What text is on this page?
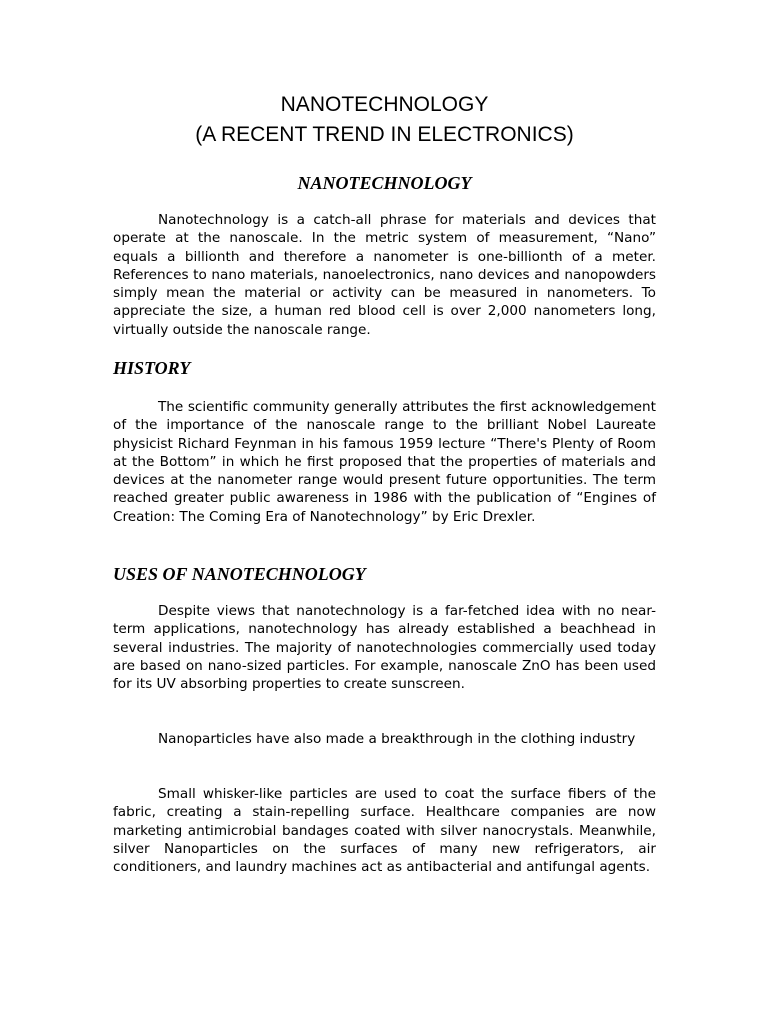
NANOTECHNOLOGY
(A RECENT TREND IN ELECTRONICS)
NANOTECHNOLOGY

Nanotechnology is a catch-all phrase for materials and devices that operate at the nanoscale. In the metric system of measurement, “Nano” equals a billionth and therefore a nanometer is one-billionth of a meter. References to nano materials, nanoelectronics, nano devices and nanopowders simply mean the material or activity can be measured in nanometers. To appreciate the size, a human red blood cell is over 2,000 nanometers long, virtually outside the nanoscale range.

HISTORY

The scientific community generally attributes the first acknowledgement of the importance of the nanoscale range to the brilliant Nobel Laureate physicist Richard Feynman in his famous 1959 lecture “There's Plenty of Room at the Bottom” in which he first proposed that the properties of materials and devices at the nanometer range would present future opportunities. The term reached greater public awareness in 1986 with the publication of “Engines of Creation: The Coming Era of Nanotechnology” by Eric Drexler.

USES OF NANOTECHNOLOGY

Despite views that nanotechnology is a far-fetched idea with no near-term applications, nanotechnology has already established a beachhead in several industries. The majority of nanotechnologies commercially used today are based on nano-sized particles. For example, nanoscale ZnO has been used for its UV absorbing properties to create sunscreen.

Nanoparticles have also made a breakthrough in the clothing industry

Small whisker-like particles are used to coat the surface fibers of the fabric, creating a stain-repelling surface. Healthcare companies are now marketing antimicrobial bandages coated with silver nanocrystals. Meanwhile, silver Nanoparticles on the surfaces of many new refrigerators, air conditioners, and laundry machines act as antibacterial and antifungal agents.
